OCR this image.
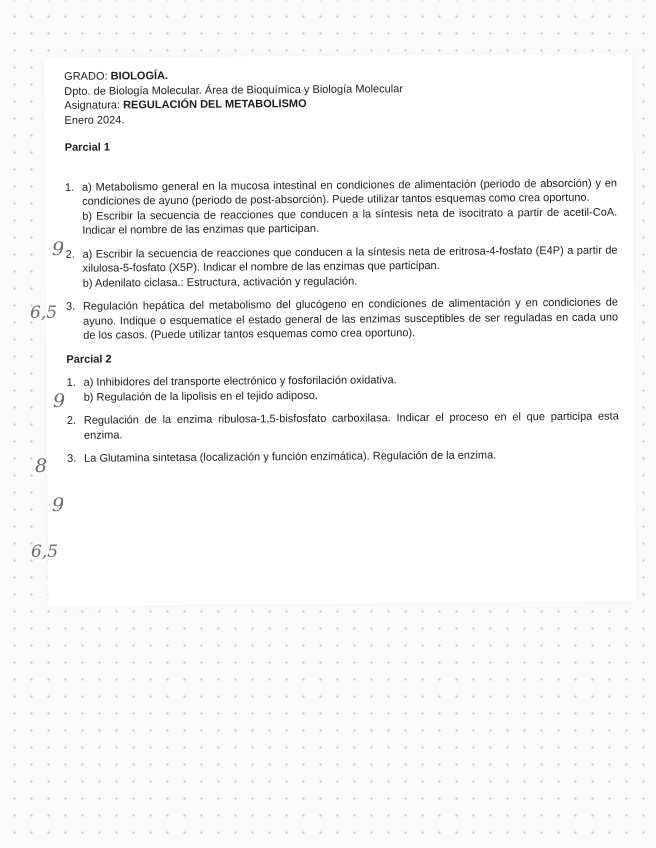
GRADO: BIOLOGÍA.
Dpto. de Biología Molecular. Área de Bioquímica y Biología Molecular
Asignatura: REGULACIÓN DEL METABOLISMO
Enero 2024.
Parcial 1
1. a) Metabolismo general en la mucosa intestinal en condiciones de alimentación (periodo de absorción) y en condiciones de ayuno (periodo de post-absorción). Puede utilizar tantos esquemas como crea oportuno.
b) Escribir la secuencia de reacciones que conducen a la síntesis neta de isocitrato a partir de acetil-CoA. Indicar el nombre de las enzimas que participan.
2. a) Escribir la secuencia de reacciones que conducen a la síntesis neta de eritrosa-4-fosfato (E4P) a partir de xilulosa-5-fosfato (X5P). Indicar el nombre de las enzimas que participan.
b) Adenilato ciclasa.: Estructura, activación y regulación.
3. Regulación hepática del metabolismo del glucógeno en condiciones de alimentación y en condiciones de ayuno. Indique o esquematice el estado general de las enzimas susceptibles de ser reguladas en cada uno de los casos. (Puede utilizar tantos esquemas como crea oportuno).
Parcial 2
1. a) Inhibidores del transporte electrónico y fosforilación oxidativa.
b) Regulación de la lipolisis en el tejido adiposo.
2. Regulación de la enzima ribulosa-1,5-bisfosfato carboxilasa. Indicar el proceso en el que participa esta enzima.
3. La Glutamina sintetasa (localización y función enzimática). Regulación de la enzima.
9
6,5
9
8
9
6,5
